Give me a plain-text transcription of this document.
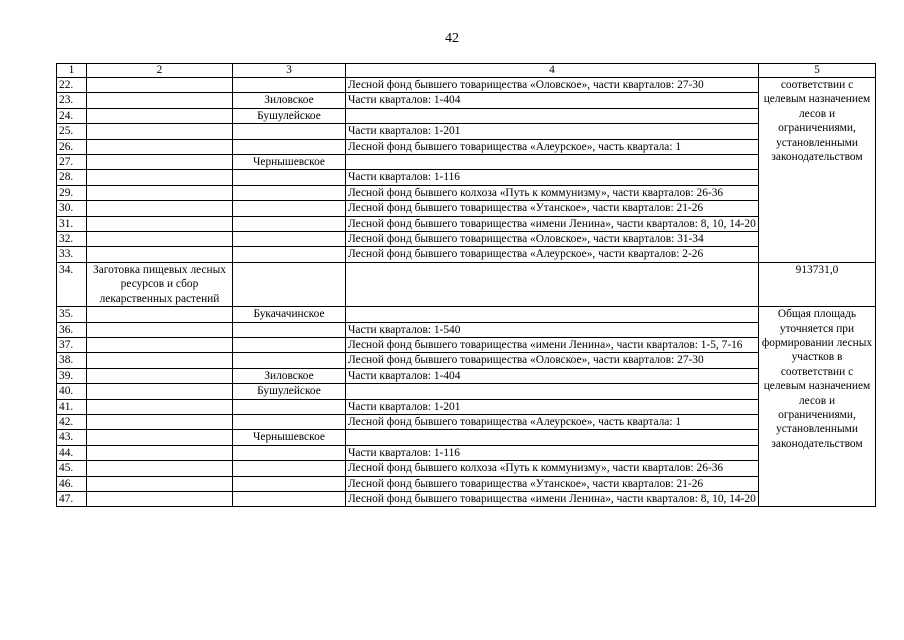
42
1	2	3	4	5
22.			Лесной фонд бывшего товарищества «Оловское», части кварталов: 27-30	соответствии с целевым назначением лесов и ограничениями, установленными законодательством
23.		Зиловское	Части кварталов: 1-404	
24.		Бушулейское		
25.			Части кварталов: 1-201	
26.			Лесной фонд бывшего товарищества «Алеурское», часть квартала: 1	
27.		Чернышевское		
28.			Части кварталов: 1-116	
29.			Лесной фонд бывшего колхоза «Путь к коммунизму», части кварталов: 26-36	
30.			Лесной фонд бывшего товарищества «Утанское», части кварталов: 21-26	
31.			Лесной фонд бывшего товарищества «имени Ленина», части кварталов: 8, 10, 14-20	
32.			Лесной фонд бывшего товарищества «Оловское», части кварталов: 31-34	
33.			Лесной фонд бывшего товарищества «Алеурское», части кварталов: 2-26	
34.	Заготовка пищевых лесных ресурсов и сбор лекарственных растений			913731,0
35.		Букачачинское		Общая площадь уточняется при формировании лесных участков в соответствии с целевым назначением лесов и ограничениями, установленными законодательством
36.			Части кварталов: 1-540	
37.			Лесной фонд бывшего товарищества «имени Ленина», части кварталов: 1-5, 7-16	
38.			Лесной фонд бывшего товарищества «Оловское», части кварталов: 27-30	
39.		Зиловское	Части кварталов: 1-404	
40.		Бушулейское		
41.			Части кварталов: 1-201	
42.			Лесной фонд бывшего товарищества «Алеурское», часть квартала: 1	
43.		Чернышевское		
44.			Части кварталов: 1-116	
45.			Лесной фонд бывшего колхоза «Путь к коммунизму», части кварталов: 26-36	
46.			Лесной фонд бывшего товарищества «Утанское», части кварталов: 21-26	
47.			Лесной фонд бывшего товарищества «имени Ленина», части кварталов: 8, 10, 14-20	
